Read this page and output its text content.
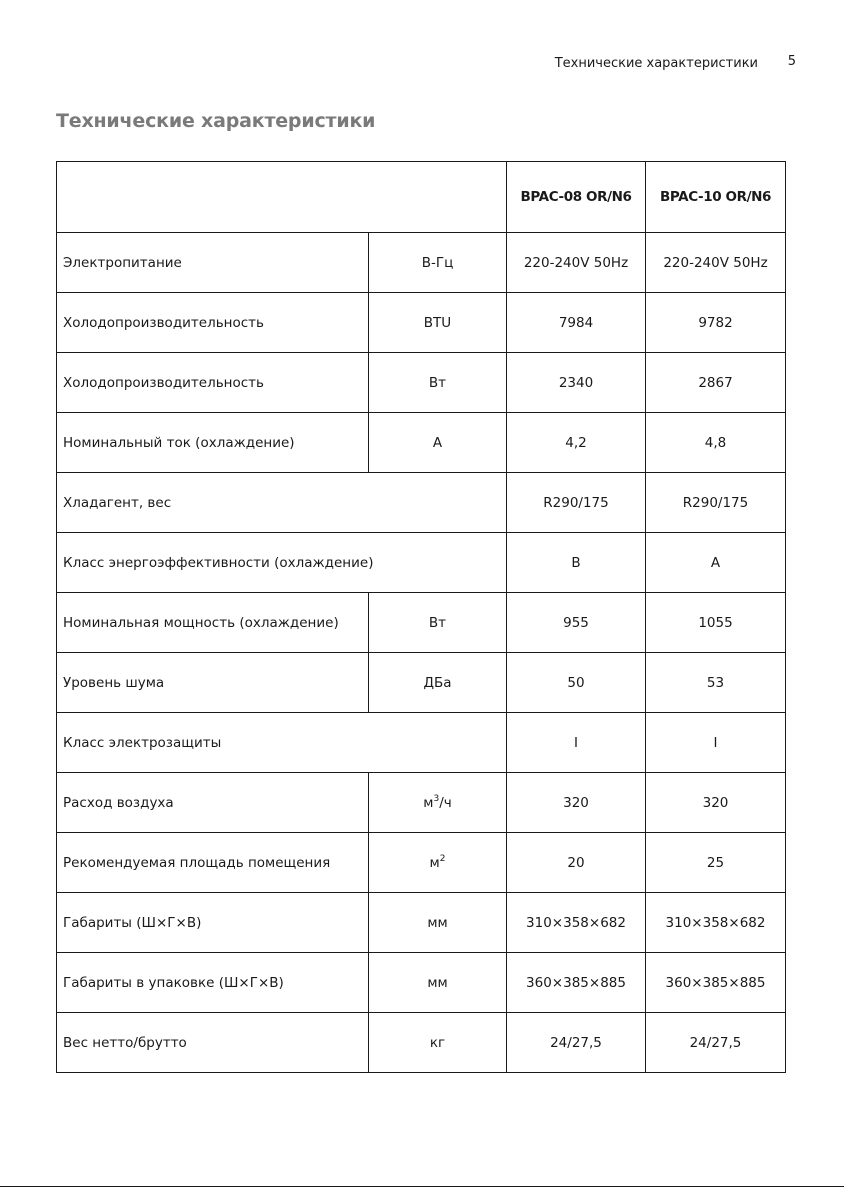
Технические характеристики 5
Технические характеристики
		BPAC-08 OR/N6	BPAC-10 OR/N6
Электропитание	В-Гц	220-240V 50Hz	220-240V 50Hz
Холодопроизводительность	BTU	7984	9782
Холодопроизводительность	Вт	2340	2867
Номинальный ток (охлаждение)	А	4,2	4,8
Хладагент, вес		R290/175	R290/175
Класс энергоэффективности (охлаждение)		B	A
Номинальная мощность (охлаждение)	Вт	955	1055
Уровень шума	ДБа	50	53
Класс электрозащиты		I	I
Расход воздуха	$м^3/ч$	320	320
Рекомендуемая площадь помещения	$м^2$	20	25
Габариты (Ш×Г×В)	мм	310×358×682	310×358×682
Габариты в упаковке (Ш×Г×В)	мм	360×385×885	360×385×885
Вес нетто/брутто	кг	24/27,5	24/27,5
